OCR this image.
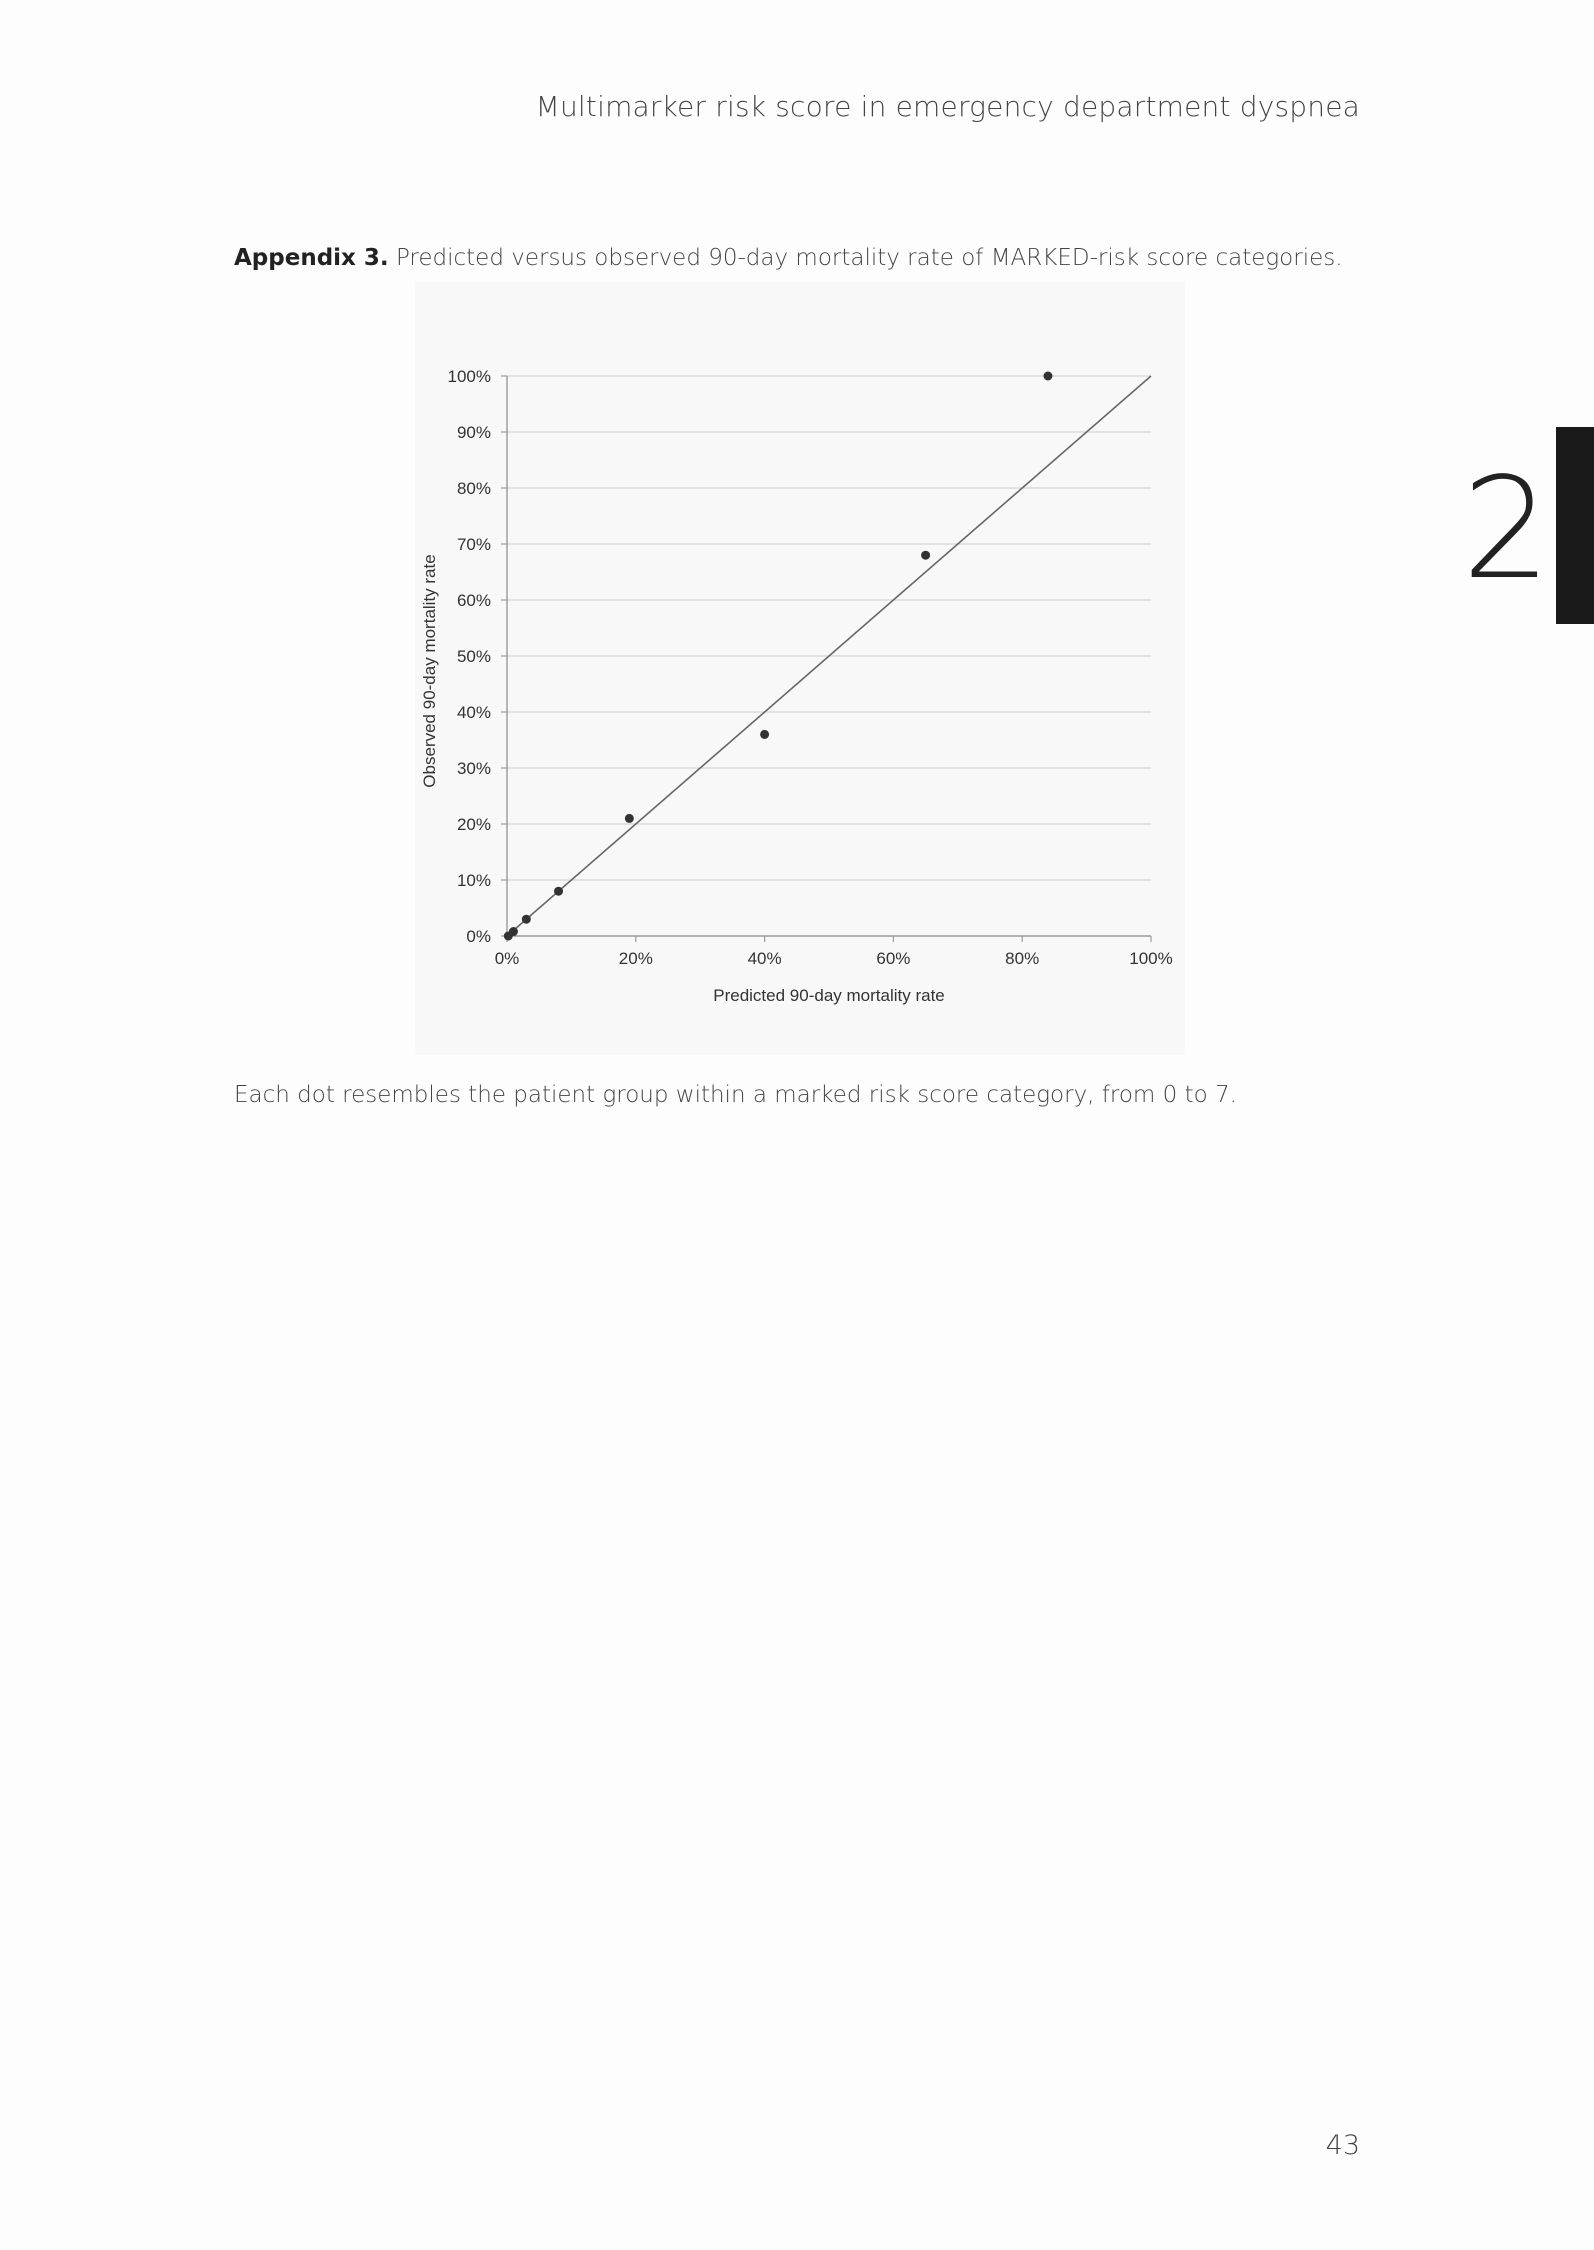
Multimarker risk score in emergency department dyspnea
2
Appendix 3. Predicted versus observed 90-day mortality rate of MARKED-risk score categories.
0%
10%
20%
30%
40%
50%
60%
70%
80%
90%
100%
0%	20%	40%	60%	80%	100%
Predicted 90-day mortality rate
Observed 90-day mortality rate
Each dot resembles the patient group within a marked risk score category, from 0 to 7.
43
